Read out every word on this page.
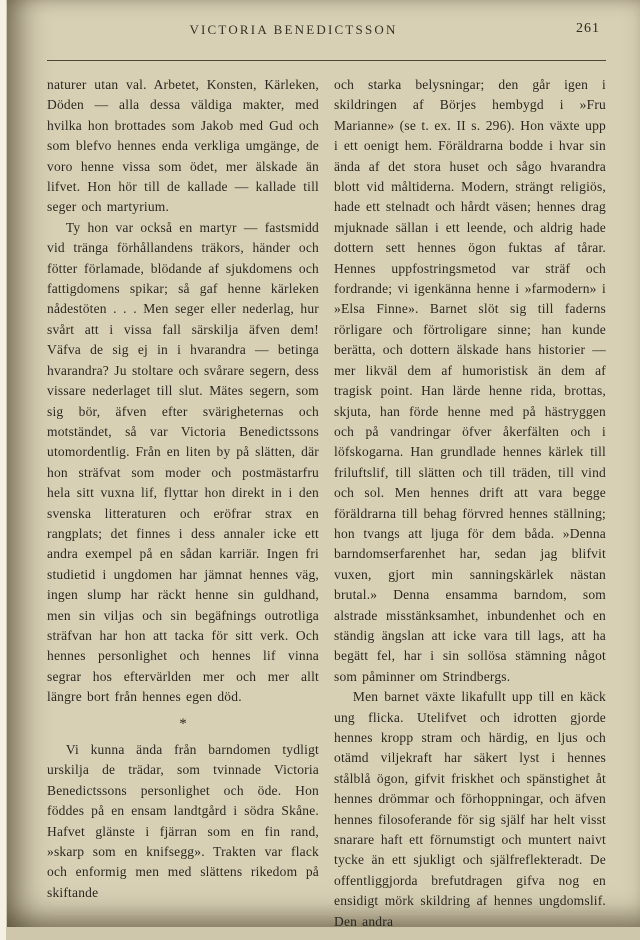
VICTORIA BENEDICTSSON	261

naturer utan val. Arbetet, Konsten, Kärleken, Döden — alla dessa väldiga makter, med hvilka hon brottades som Jakob med Gud och som blefvo hennes enda verkliga umgänge, de voro henne vissa som ödet, mer älskade än lifvet. Hon hör till de kallade — kallade till seger och martyrium.

Ty hon var också en martyr — fastsmidd vid tränga förhållandens träkors, händer och fötter förlamade, blödande af sjukdomens och fattigdomens spikar; så gaf henne kärleken nådestöten . . . Men seger eller nederlag, hur svårt att i vissa fall särskilja äfven dem! Väfva de sig ej in i hvarandra — betinga hvarandra? Ju stoltare och svårare segern, dess vissare nederlaget till slut. Mätes segern, som sig bör, äfven efter svärigheternas och motständet, så var Victoria Benedictssons utomordentlig. Från en liten by på slätten, där hon sträfvat som moder och postmästarfru hela sitt vuxna lif, flyttar hon direkt in i den svenska litteraturen och eröfrar strax en rangplats; det finnes i dess annaler icke ett andra exempel på en sådan karriär. Ingen fri studietid i ungdomen har jämnat hennes väg, ingen slump har räckt henne sin guldhand, men sin viljas och sin begäfnings outrotliga sträfvan har hon att tacka för sitt verk. Och hennes personlighet och hennes lif vinna segrar hos eftervärlden mer och mer allt längre bort från hennes egen död.

*

Vi kunna ända från barndomen tydligt urskilja de trädar, som tvinnade Victoria Benedictssons personlighet och öde. Hon föddes på en ensam landtgård i södra Skåne. Hafvet glänste i fjärran som en fin rand, »skarp som en knifsegg». Trakten var flack och enformig men med slättens rikedom på skiftande

och starka belysningar; den går igen i skildringen af Börjes hembygd i »Fru Marianne» (se t. ex. II s. 296). Hon växte upp i ett oenigt hem. Föräldrarna bodde i hvar sin ända af det stora huset och sågo hvarandra blott vid måltiderna. Modern, strängt religiös, hade ett stelnadt och hårdt väsen; hennes drag mjuknade sällan i ett leende, och aldrig hade dottern sett hennes ögon fuktas af tårar. Hennes uppfostringsmetod var sträf och fordrande; vi igenkänna henne i »farmodern» i »Elsa Finne». Barnet slöt sig till faderns rörligare och förtroligare sinne; han kunde berätta, och dottern älskade hans historier — mer likväl dem af humoristisk än dem af tragisk point. Han lärde henne rida, brottas, skjuta, han förde henne med på hästryggen och på vandringar öfver åkerfälten och i löfskogarna. Han grundlade hennes kärlek till friluftslif, till slätten och till träden, till vind och sol. Men hennes drift att vara begge föräldrarna till behag förvred hennes ställning; hon tvangs att ljuga för dem båda. »Denna barndomserfarenhet har, sedan jag blifvit vuxen, gjort min sanningskärlek nästan brutal.» Denna ensamma barndom, som alstrade misstänksamhet, inbundenhet och en ständig ängslan att icke vara till lags, att ha begätt fel, har i sin sollösa stämning något som påminner om Strindbergs.

Men barnet växte likafullt upp till en käck ung flicka. Utelifvet och idrotten gjorde hennes kropp stram och härdig, en ljus och otämd viljekraft har säkert lyst i hennes stålblå ögon, gifvit friskhet och spänstighet åt hennes drömmar och förhoppningar, och äfven hennes filosoferande för sig själf har helt visst snarare haft ett förnumstigt och muntert naivt tycke än ett sjukligt och själfreflekteradt. De offentliggjorda brefutdragen gifva nog en ensidigt mörk skildring af hennes ungdomslif. Den andra
